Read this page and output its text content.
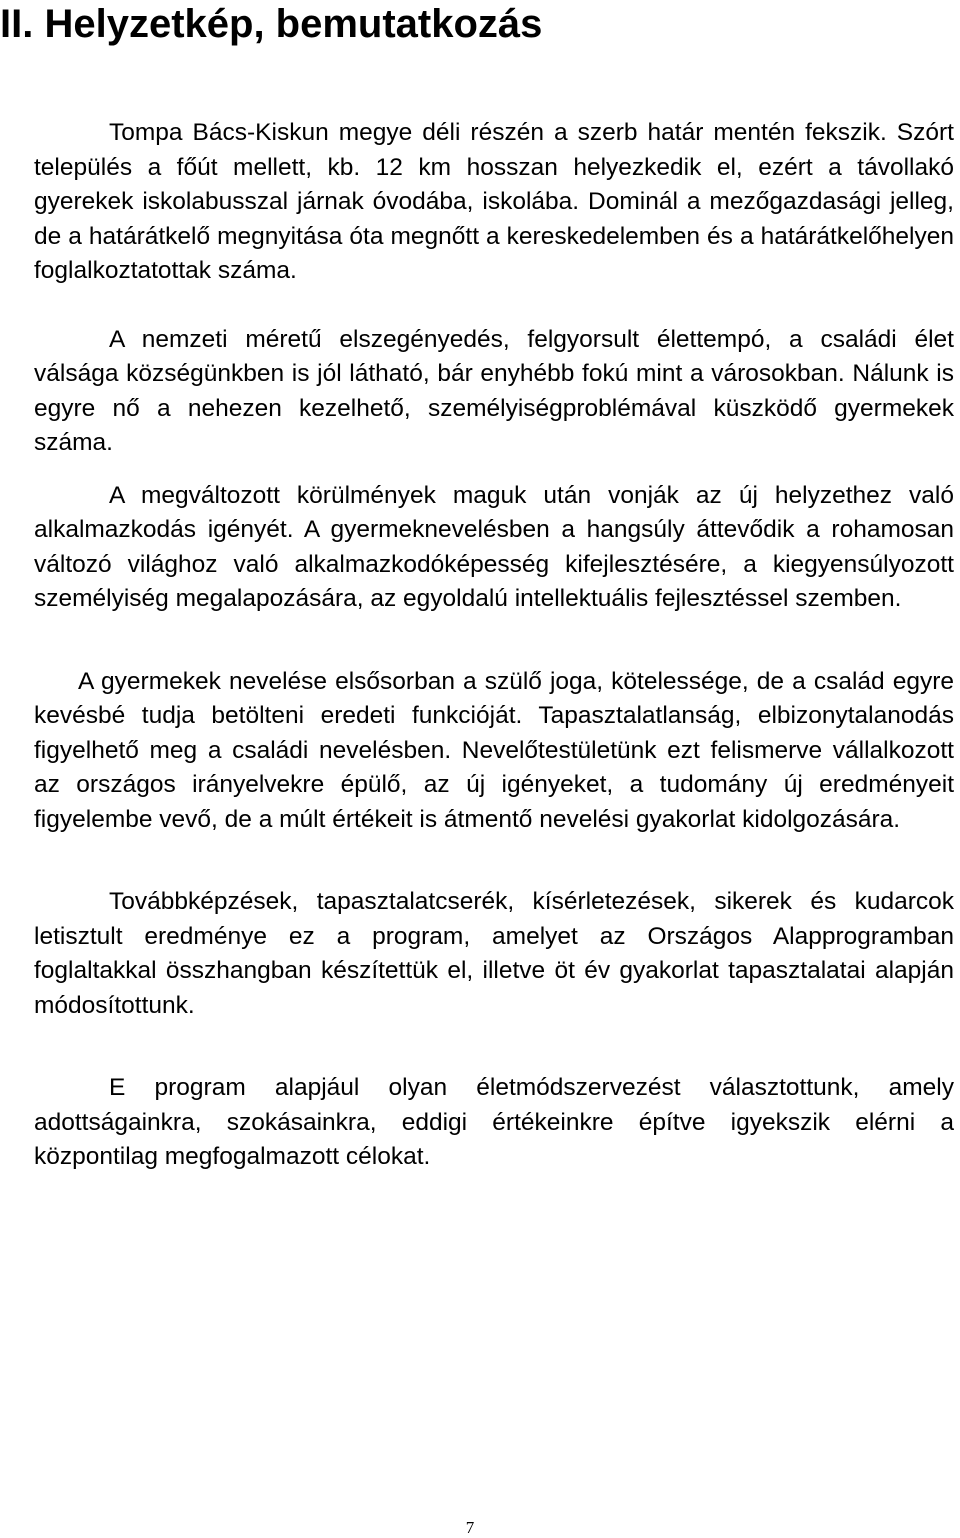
II. Helyzetkép, bemutatkozás

Tompa Bács-Kiskun megye déli részén a szerb határ mentén fekszik. Szórt település a főút mellett, kb. 12 km hosszan helyezkedik el, ezért a távollakó gyerekek iskolabusszal járnak óvodába, iskolába. Dominál a mezőgazdasági jelleg, de a határátkelő megnyitása óta megnőtt a kereskedelemben és a határátkelőhelyen foglalkoztatottak száma.

A nemzeti méretű elszegényedés, felgyorsult élettempó, a családi élet válsága községünkben is jól látható, bár enyhébb fokú mint a városokban. Nálunk is egyre nő a nehezen kezelhető, személyiségproblémával küszködő gyermekek száma.

A megváltozott körülmények maguk után vonják az új helyzethez való alkalmazkodás igényét. A gyermeknevelésben a hangsúly áttevődik a rohamosan változó világhoz való alkalmazkodóképesség kifejlesztésére, a kiegyensúlyozott személyiség megalapozására, az egyoldalú intellektuális fejlesztéssel szemben.

A gyermekek nevelése elsősorban a szülő joga, kötelessége, de a család egyre kevésbé tudja betölteni eredeti funkcióját. Tapasztalatlanság, elbizonytalanodás figyelhető meg a családi nevelésben. Nevelőtestületünk ezt felismerve vállalkozott az országos irányelvekre épülő, az új igényeket, a tudomány új eredményeit figyelembe vevő, de a múlt értékeit is átmentő nevelési gyakorlat kidolgozására.

Továbbképzések, tapasztalatcserék, kísérletezések, sikerek és kudarcok letisztult eredménye ez a program, amelyet az Országos Alapprogramban foglaltakkal összhangban készítettük el, illetve öt év gyakorlat tapasztalatai alapján módosítottunk.

E program alapjául olyan életmódszervezést választottunk, amely adottságainkra, szokásainkra, eddigi értékeinkre építve igyekszik elérni a központilag megfogalmazott célokat.

7
